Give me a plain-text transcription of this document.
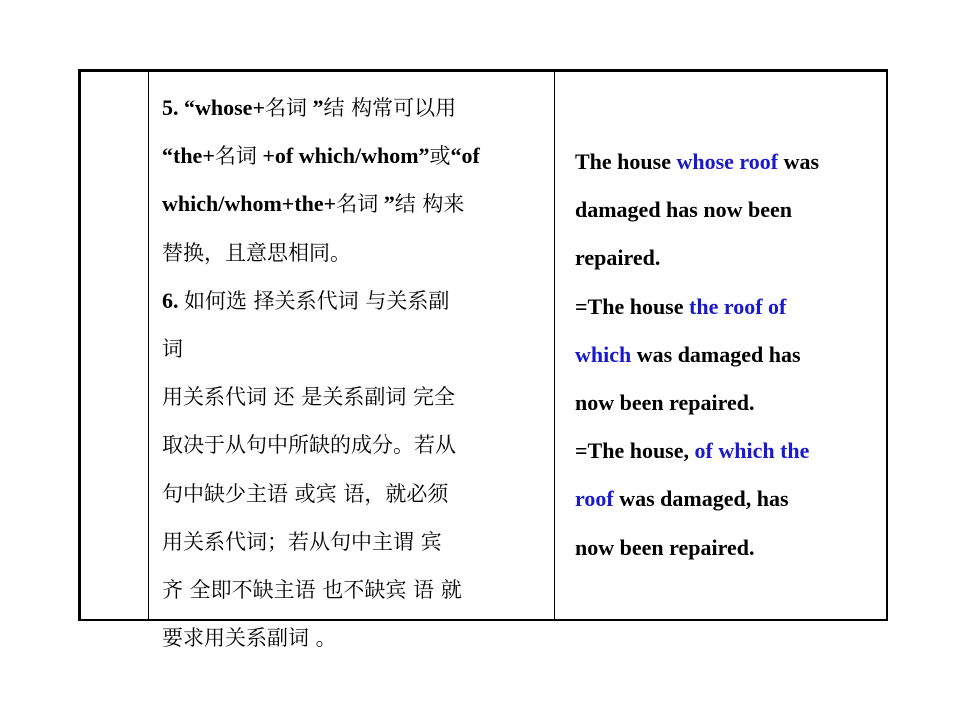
5. “whose+名词 ”结 构常可以用
“the+名词 +of which/whom”或“of
which/whom+the+名词 ”结 构来
替换，且意思相同。
6. 如何选 择关系代词 与关系副
词
用关系代词 还 是关系副词 完全
取决于从句中所缺的成分。若从
句中缺少主语 或宾 语，就必须
用关系代词；若从句中主谓 宾
齐 全即不缺主语 也不缺宾 语 就
要求用关系副词 。
The house whose roof was
damaged has now been
repaired.
=The house the roof of
which was damaged has
now been repaired.
=The house, of which the
roof was damaged, has
now been repaired.
